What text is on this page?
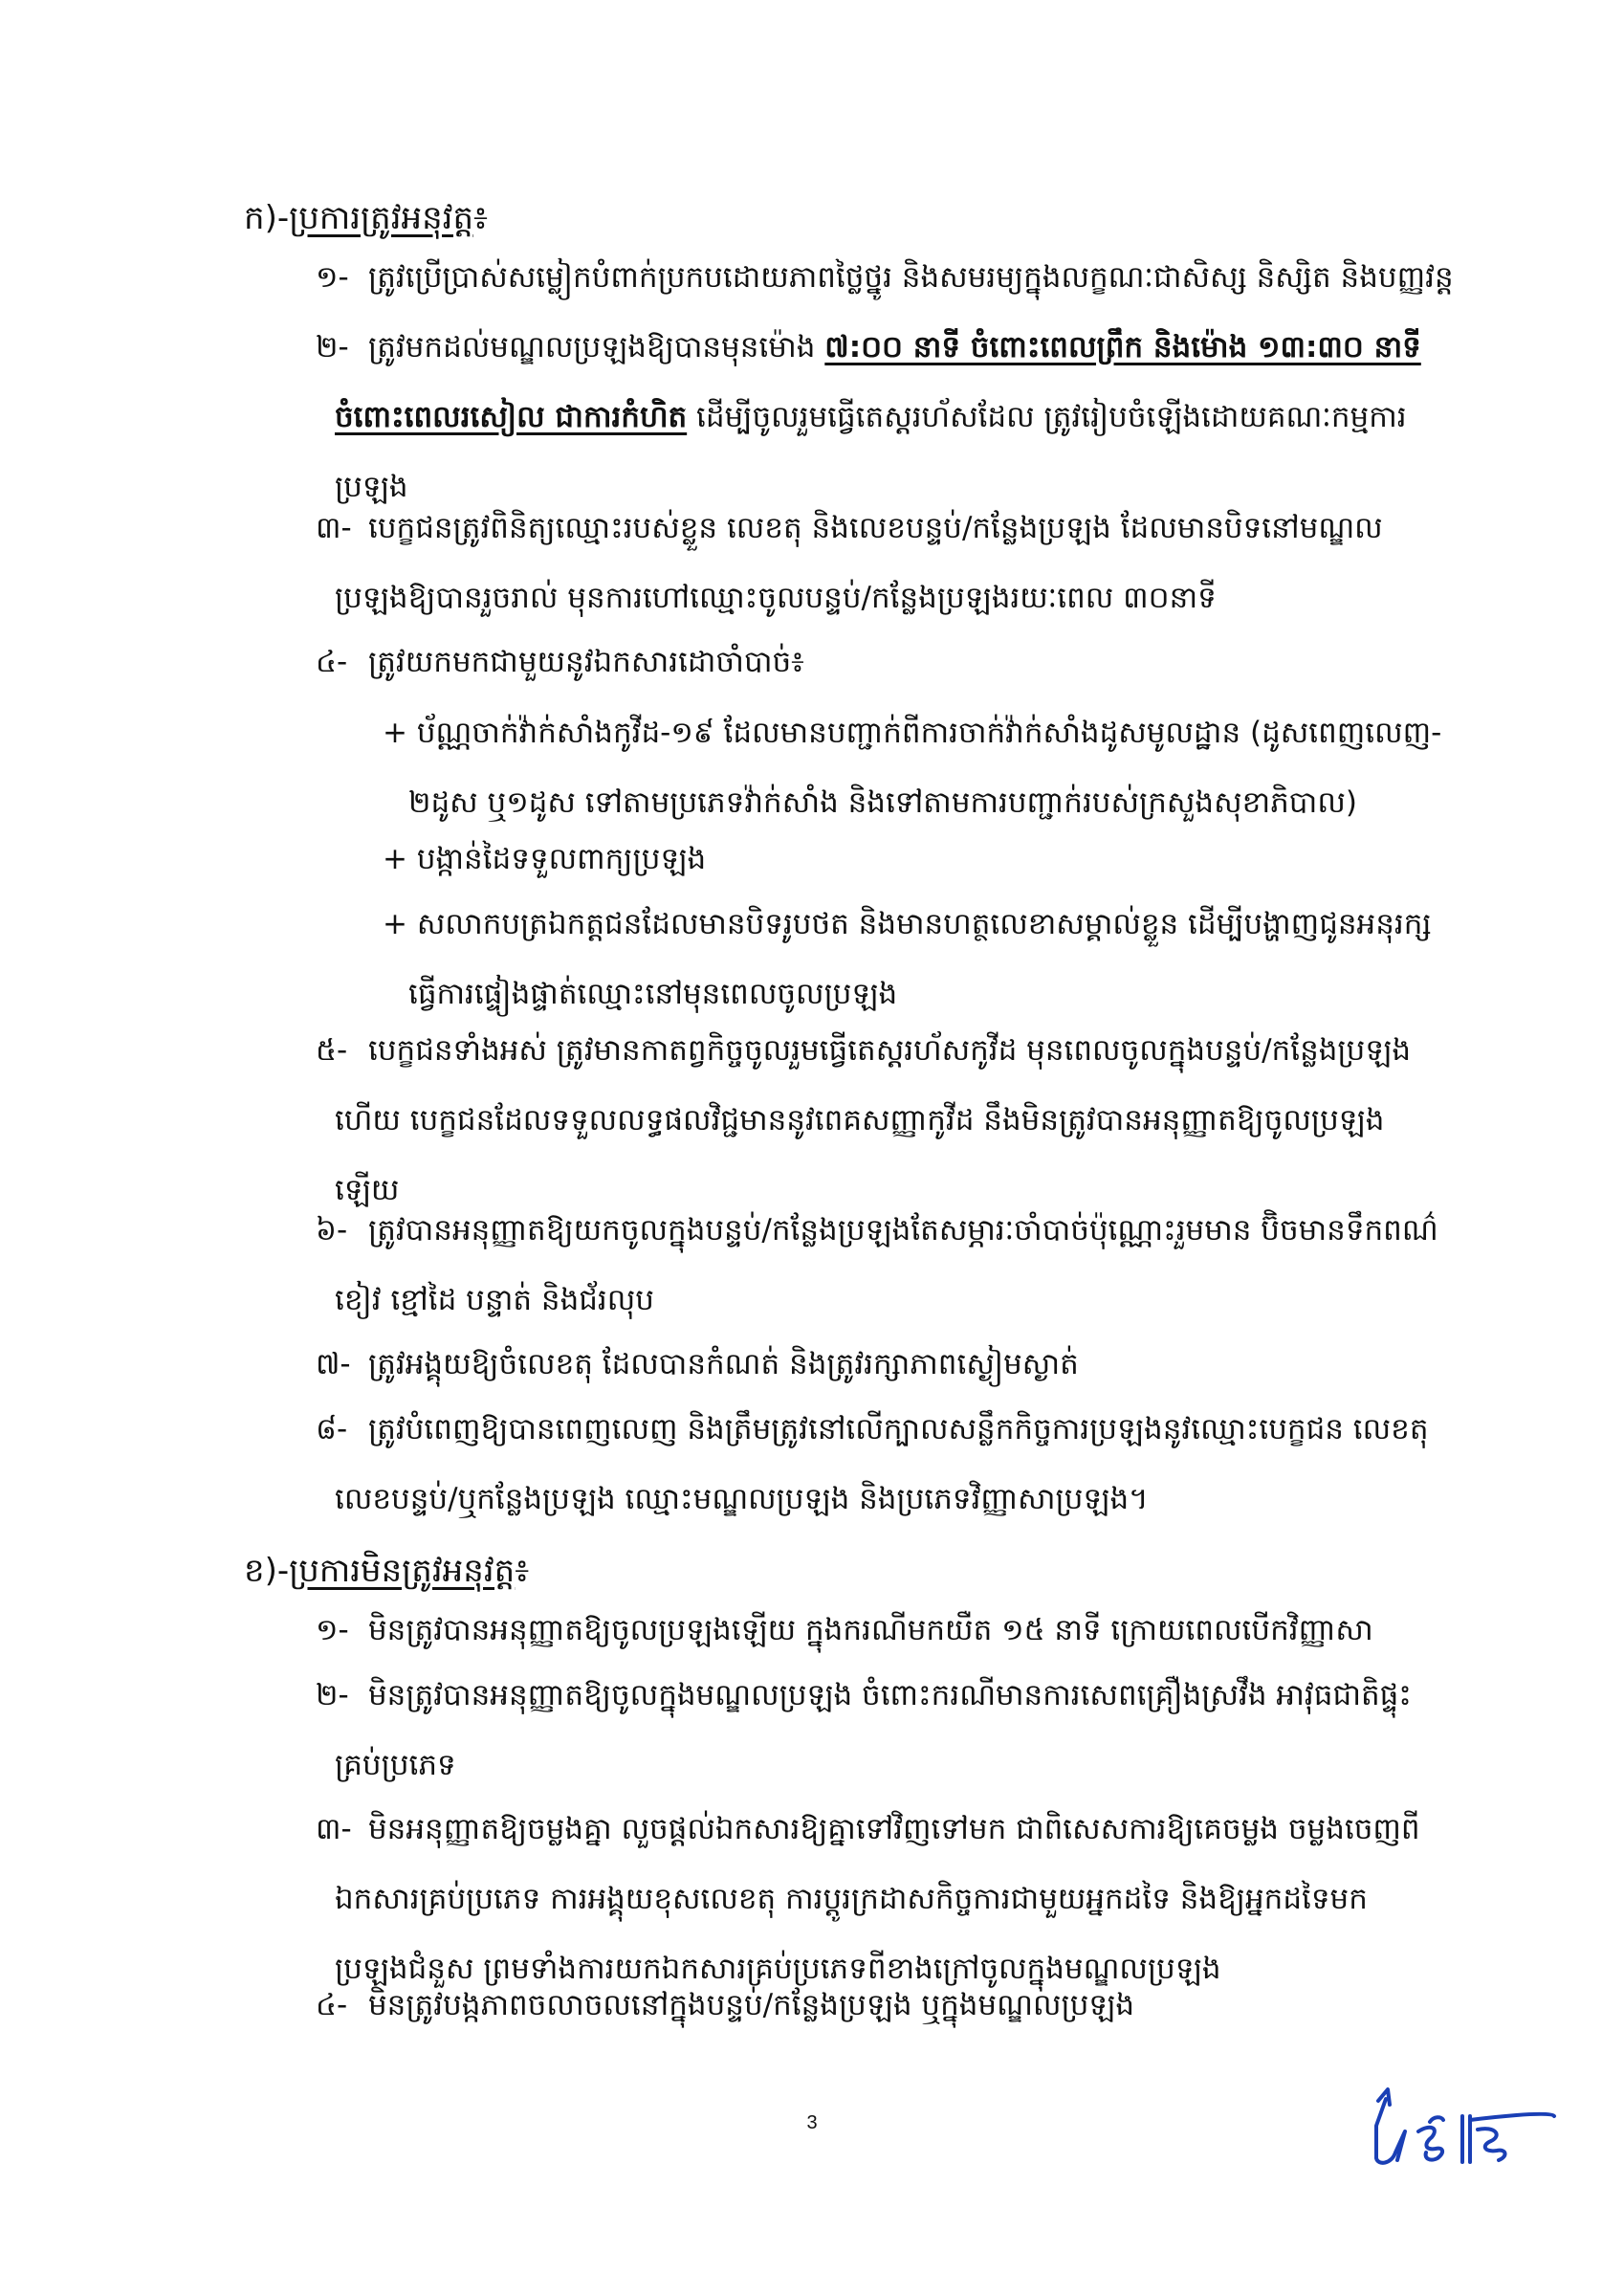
ក)- ប្រការត្រូវអនុវត្ត ៖
១- ត្រូវប្រើប្រាស់សម្លៀកបំពាក់ប្រកបដោយភាពថ្លៃថ្នូរ និងសមរម្យក្នុងលក្ខណៈជាសិស្ស និស្សិត និងបញ្ញវន្ត
២- ត្រូវមកដល់មណ្ឌលប្រឡងឱ្យបានមុនម៉ោង ៧:០០ នាទី ចំពោះពេលព្រឹក និងម៉ោង ១៣:៣០ នាទី
ចំពោះពេលរសៀល ជាការកំហិត ដើម្បីចូលរួមធ្វើតេស្តរហ័សដែល ត្រូវរៀបចំឡើងដោយគណៈកម្មការ
ប្រឡង
៣- បេក្ខជនត្រូវពិនិត្យឈ្មោះរបស់ខ្លួន លេខតុ និងលេខបន្ទប់/កន្លែងប្រឡង ដែលមានបិទនៅមណ្ឌល
ប្រឡងឱ្យបានរួចរាល់ មុនការហៅឈ្មោះចូលបន្ទប់/កន្លែងប្រឡងរយៈពេល ៣០នាទី
៤- ត្រូវយកមកជាមួយនូវឯកសារដោចាំបាច់៖
+ ប័ណ្ណចាក់វ៉ាក់សាំងកូវីដ-១៩ ដែលមានបញ្ជាក់ពីការចាក់វ៉ាក់សាំងដូសមូលដ្ឋាន (ដូសពេញលេញ-
២ដូស ឬ១ដូស ទៅតាមប្រភេទវ៉ាក់សាំង និងទៅតាមការបញ្ជាក់របស់ក្រសួងសុខាភិបាល)
+ បង្កាន់ដៃទទួលពាក្យប្រឡង
+ សលាកបត្រឯកត្តជនដែលមានបិទរូបថត និងមានហត្ថលេខាសម្គាល់ខ្លួន ដើម្បីបង្ហាញជូនអនុរក្ស
ធ្វើការផ្ទៀងផ្ទាត់ឈ្មោះនៅមុនពេលចូលប្រឡង
៥- បេក្ខជនទាំងអស់ ត្រូវមានកាតព្វកិច្ចចូលរួមធ្វើតេស្តរហ័សកូវីដ មុនពេលចូលក្នុងបន្ទប់/កន្លែងប្រឡង
ហើយ បេក្ខជនដែលទទួលលទ្ធផលវិជ្ជមាននូវពេគសញ្ញាកូវីដ នឹងមិនត្រូវបានអនុញ្ញាតឱ្យចូលប្រឡង
ឡើយ
៦- ត្រូវបានអនុញ្ញាតឱ្យយកចូលក្នុងបន្ទប់/កន្លែងប្រឡងតែសម្ភារៈចាំបាច់ប៉ុណ្ណោះរួមមាន ប៊ិចមានទឹកពណ៌
ខៀវ ខ្មៅដៃ បន្ទាត់ និងជ័រលុប
៧- ត្រូវអង្គុយឱ្យចំលេខតុ ដែលបានកំណត់ និងត្រូវរក្សាភាពស្ងៀមស្ងាត់
៨- ត្រូវបំពេញឱ្យបានពេញលេញ និងត្រឹមត្រូវនៅលើក្បាលសន្លឹកកិច្ចការប្រឡងនូវឈ្មោះបេក្ខជន លេខតុ
លេខបន្ទប់/ឬកន្លែងប្រឡង ឈ្មោះមណ្ឌលប្រឡង និងប្រភេទវិញ្ញាសាប្រឡង។
ខ)- ប្រការមិនត្រូវអនុវត្ត ៖
១- មិនត្រូវបានអនុញ្ញាតឱ្យចូលប្រឡងឡើយ ក្នុងករណីមកយឺត ១៥ នាទី ក្រោយពេលបើកវិញ្ញាសា
២- មិនត្រូវបានអនុញ្ញាតឱ្យចូលក្នុងមណ្ឌលប្រឡង ចំពោះករណីមានការសេពគ្រឿងស្រវឹង អាវុធជាតិផ្ទុះ
គ្រប់ប្រភេទ
៣- មិនអនុញ្ញាតឱ្យចម្លងគ្នា លួចផ្តល់ឯកសារឱ្យគ្នាទៅវិញទៅមក ជាពិសេសការឱ្យគេចម្លង ចម្លងចេញពី
ឯកសារគ្រប់ប្រភេទ ការអង្គុយខុសលេខតុ ការប្តូរក្រដាសកិច្ចការជាមួយអ្នកដទៃ និងឱ្យអ្នកដទៃមក
ប្រឡងជំនួស ព្រមទាំងការយកឯកសារគ្រប់ប្រភេទពីខាងក្រៅចូលក្នុងមណ្ឌលប្រឡង
៤- មិនត្រូវបង្កភាពចលាចលនៅក្នុងបន្ទប់/កន្លែងប្រឡង ឬក្នុងមណ្ឌលប្រឡង
3
